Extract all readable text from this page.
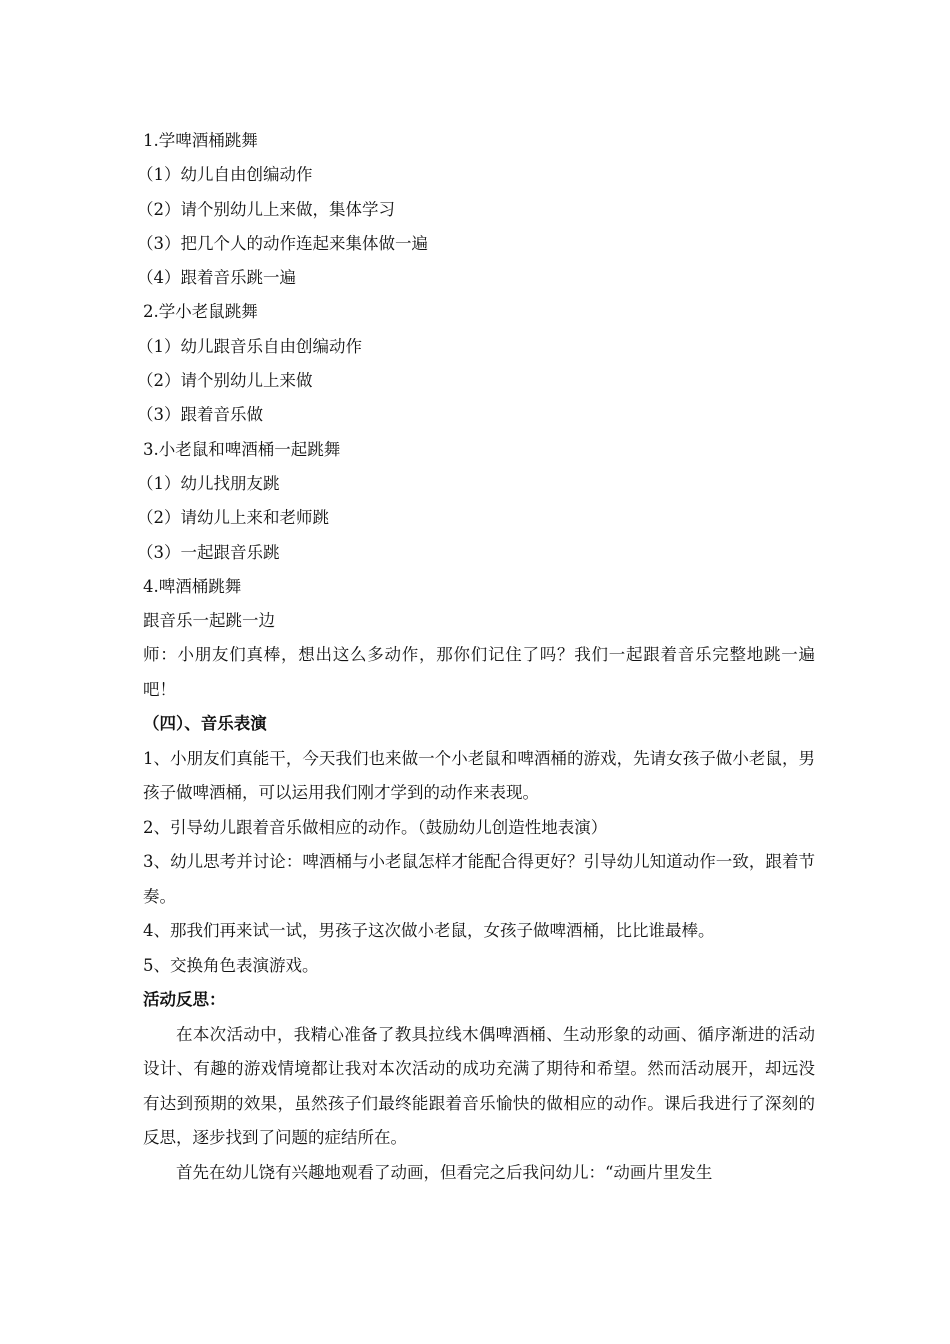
1.学啤酒桶跳舞
（1）幼儿自由创编动作
（2）请个别幼儿上来做，集体学习
（3）把几个人的动作连起来集体做一遍
（4）跟着音乐跳一遍
2.学小老鼠跳舞
（1）幼儿跟音乐自由创编动作
（2）请个别幼儿上来做
（3）跟着音乐做
3.小老鼠和啤酒桶一起跳舞
（1）幼儿找朋友跳
（2）请幼儿上来和老师跳
（3）一起跟音乐跳
4.啤酒桶跳舞
跟音乐一起跳一边
师：小朋友们真棒，想出这么多动作，那你们记住了吗？我们一起跟着音乐完整地跳一遍吧！
（四）、音乐表演
1、小朋友们真能干，今天我们也来做一个小老鼠和啤酒桶的游戏，先请女孩子做小老鼠，男孩子做啤酒桶，可以运用我们刚才学到的动作来表现。
2、引导幼儿跟着音乐做相应的动作。（鼓励幼儿创造性地表演）
3、幼儿思考并讨论：啤酒桶与小老鼠怎样才能配合得更好？引导幼儿知道动作一致，跟着节奏。
4、那我们再来试一试，男孩子这次做小老鼠，女孩子做啤酒桶，比比谁最棒。
5、交换角色表演游戏。
活动反思：
在本次活动中，我精心准备了教具拉线木偶啤酒桶、生动形象的动画、循序渐进的活动设计、有趣的游戏情境都让我对本次活动的成功充满了期待和希望。然而活动展开，却远没有达到预期的效果，虽然孩子们最终能跟着音乐愉快的做相应的动作。课后我进行了深刻的反思，逐步找到了问题的症结所在。
首先在幼儿饶有兴趣地观看了动画，但看完之后我问幼儿：“动画片里发生
